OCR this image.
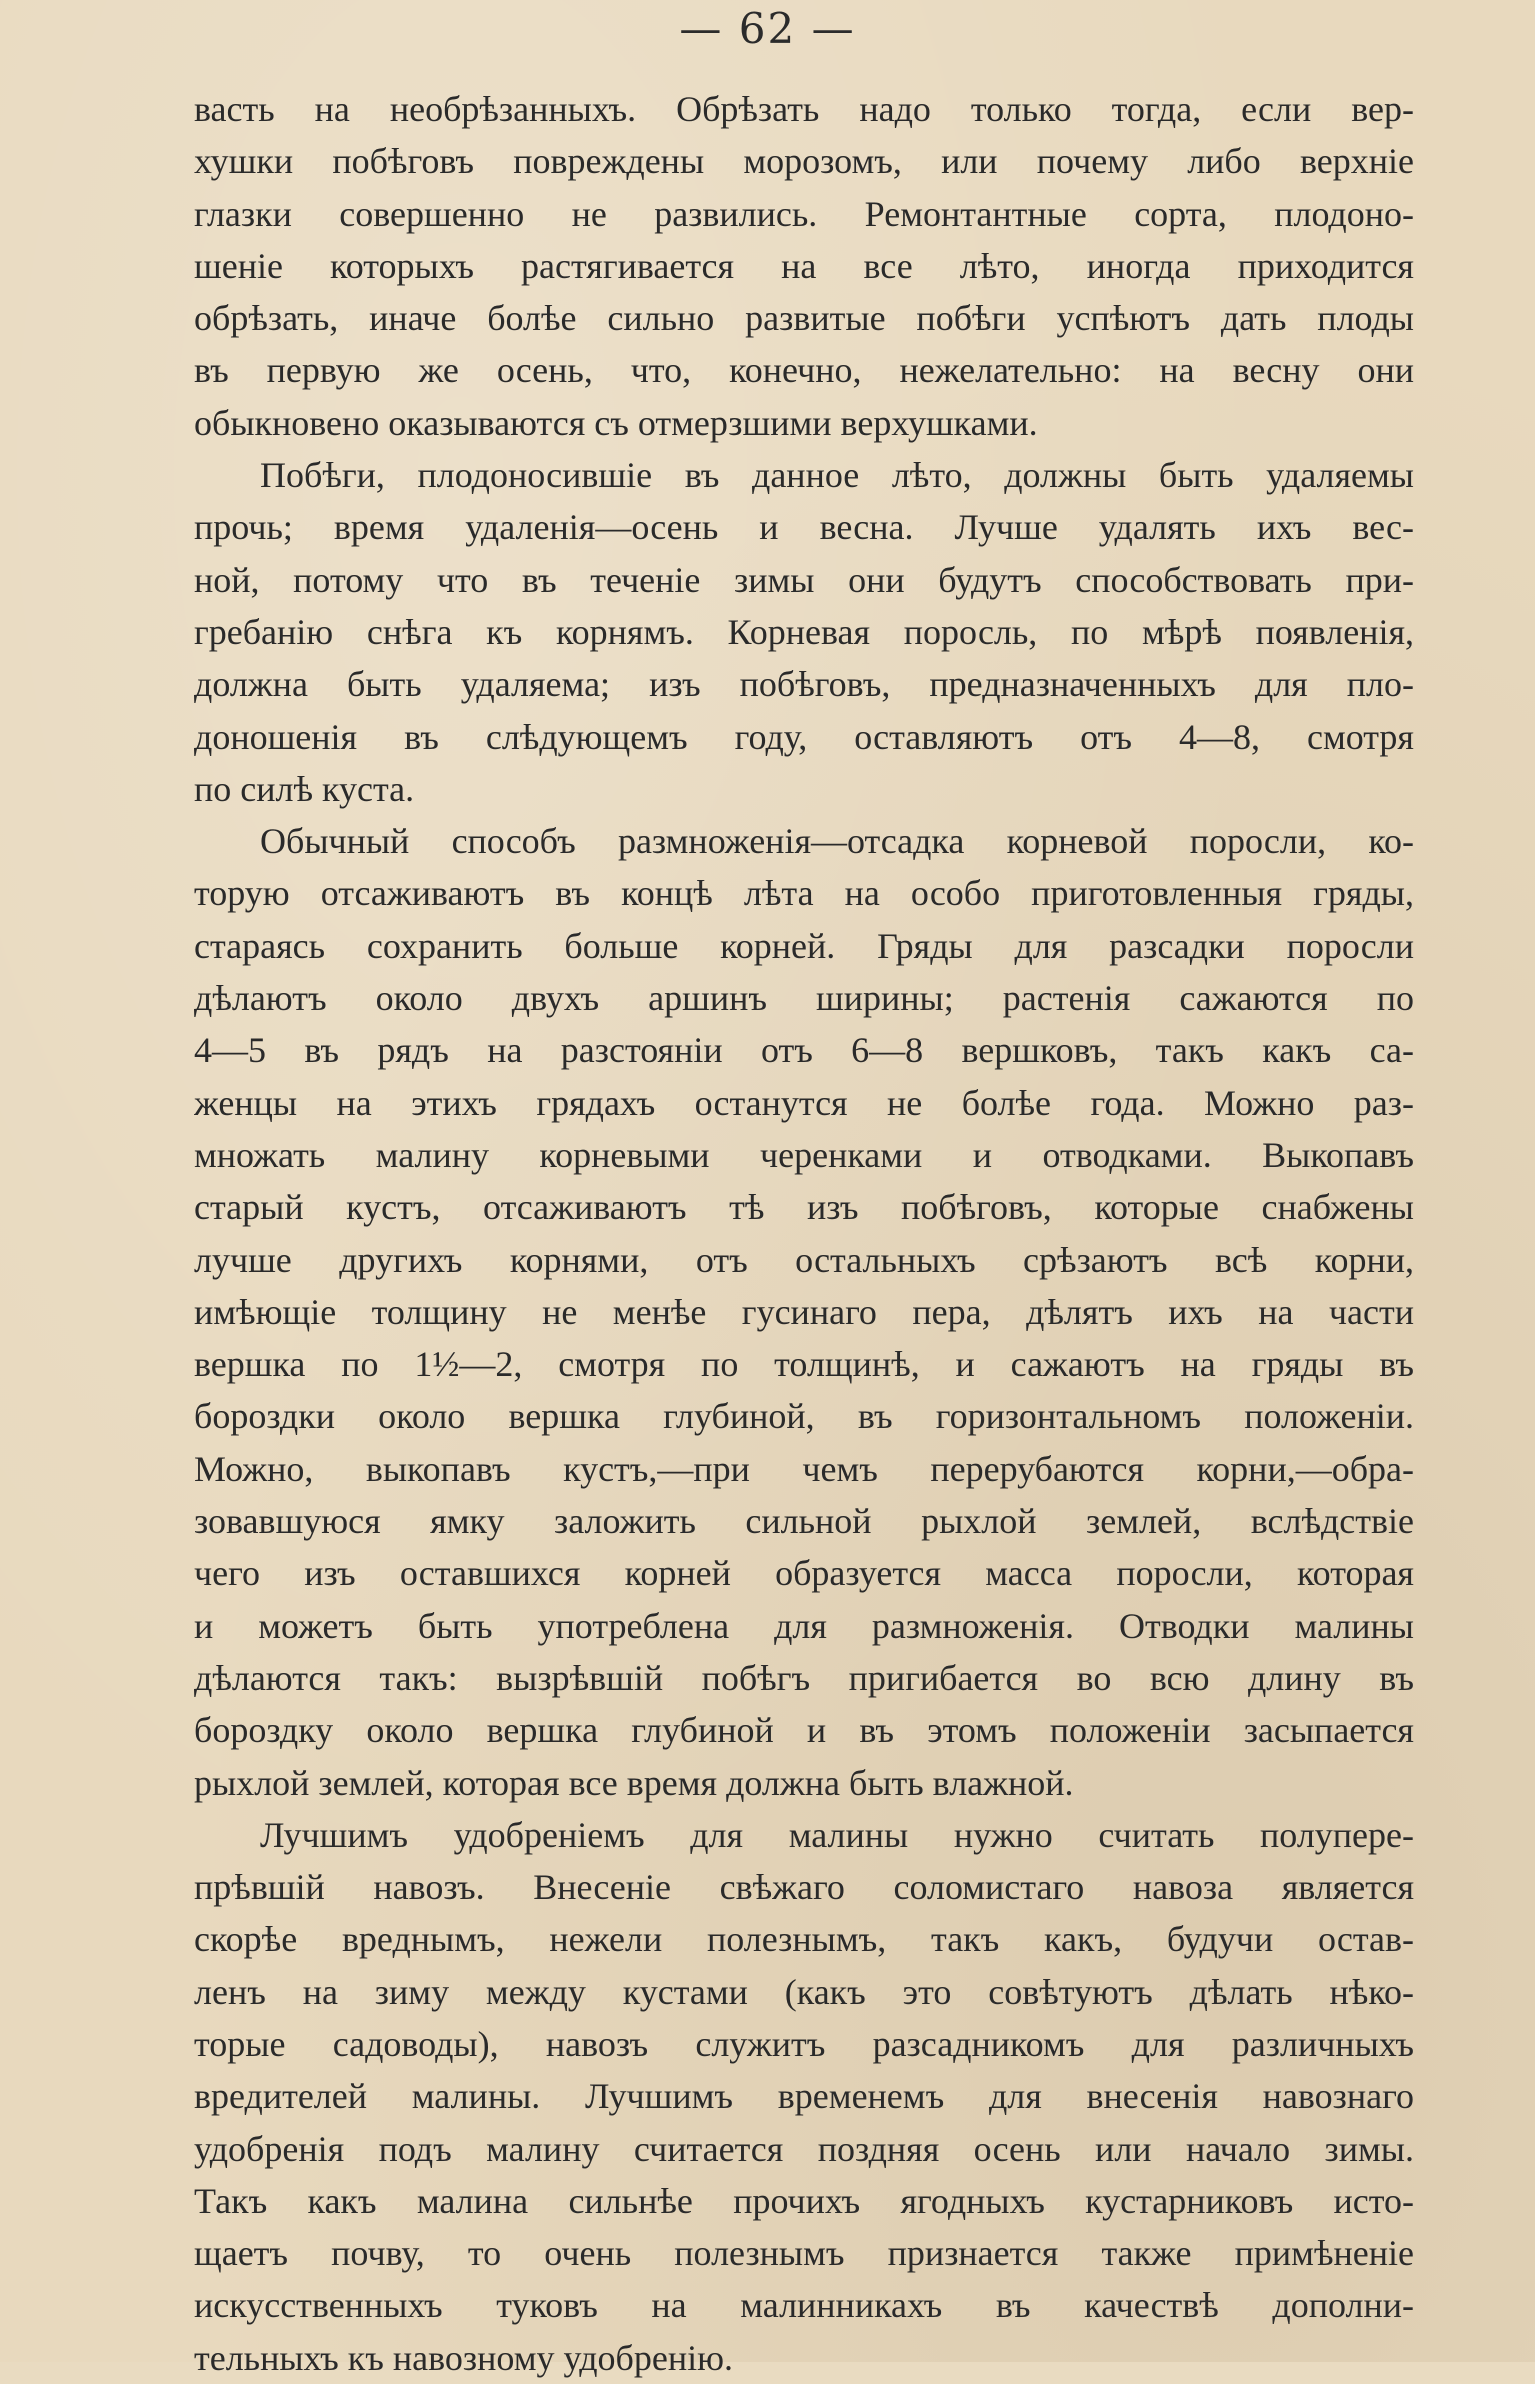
— 62 —
васть на необрѣзанныхъ. Обрѣзать надо только тогда, если вер-
хушки побѣговъ повреждены морозомъ, или почему либо верхніе
глазки совершенно не развились. Ремонтантные сорта, плодоно-
шеніе которыхъ растягивается на все лѣто, иногда приходится
обрѣзать, иначе болѣе сильно развитые побѣги успѣютъ дать плоды
въ первую же осень, что, конечно, нежелательно: на весну они
обыкновено оказываются съ отмерзшими верхушками.
Побѣги, плодоносившіе въ данное лѣто, должны быть удаляемы
прочь; время удаленія—осень и весна. Лучше удалять ихъ вес-
ной, потому что въ теченіе зимы они будутъ способствовать при-
гребанію снѣга къ корнямъ. Корневая поросль, по мѣрѣ появленія,
должна быть удаляема; изъ побѣговъ, предназначенныхъ для пло-
доношенія въ слѣдующемъ году, оставляютъ отъ 4—8, смотря
по силѣ куста.
Обычный способъ размноженія—отсадка корневой поросли, ко-
торую отсаживаютъ въ концѣ лѣта на особо приготовленныя гряды,
стараясь сохранить больше корней. Гряды для разсадки поросли
дѣлаютъ около двухъ аршинъ ширины; растенія сажаются по
4—5 въ рядъ на разстояніи отъ 6—8 вершковъ, такъ какъ са-
женцы на этихъ грядахъ останутся не болѣе года. Можно раз-
множать малину корневыми черенками и отводками. Выкопавъ
старый кустъ, отсаживаютъ тѣ изъ побѣговъ, которые снабжены
лучше другихъ корнями, отъ остальныхъ срѣзаютъ всѣ корни,
имѣющіе толщину не менѣе гусинаго пера, дѣлятъ ихъ на части
вершка по 1½—2, смотря по толщинѣ, и сажаютъ на гряды въ
бороздки около вершка глубиной, въ горизонтальномъ положеніи.
Можно, выкопавъ кустъ,—при чемъ перерубаются корни,—обра-
зовавшуюся ямку заложить сильной рыхлой землей, вслѣдствіе
чего изъ оставшихся корней образуется масса поросли, которая
и можетъ быть употреблена для размноженія. Отводки малины
дѣлаются такъ: вызрѣвшій побѣгъ пригибается во всю длину въ
бороздку около вершка глубиной и въ этомъ положеніи засыпается
рыхлой землей, которая все время должна быть влажной.
Лучшимъ удобреніемъ для малины нужно считать полупере-
прѣвшій навозъ. Внесеніе свѣжаго соломистаго навоза является
скорѣе вреднымъ, нежели полезнымъ, такъ какъ, будучи остав-
ленъ на зиму между кустами (какъ это совѣтуютъ дѣлать нѣко-
торые садоводы), навозъ служитъ разсадникомъ для различныхъ
вредителей малины. Лучшимъ временемъ для внесенія навознаго
удобренія подъ малину считается поздняя осень или начало зимы.
Такъ какъ малина сильнѣе прочихъ ягодныхъ кустарниковъ исто-
щаетъ почву, то очень полезнымъ признается также примѣненіе
искусственныхъ туковъ на малинникахъ въ качествѣ дополни-
тельныхъ къ навозному удобренію.
